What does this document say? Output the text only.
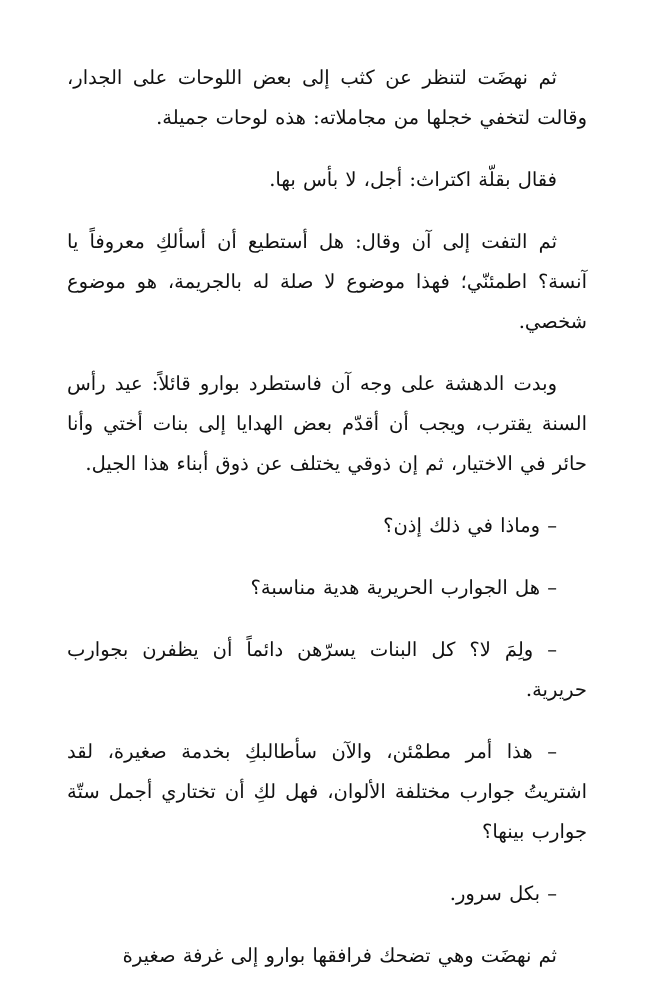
ثم نهضَت لتنظر عن كثب إلى بعض اللوحات على الجدار، وقالت لتخفي خجلها من مجاملاته: هذه لوحات جميلة.

فقال بقلّة اكتراث: أجل، لا بأس بها.

ثم التفت إلى آن وقال: هل أستطيع أن أسألكِ معروفاً يا آنسة؟ اطمئنّي؛ فهذا موضوع لا صلة له بالجريمة، هو موضوع شخصي.

وبدت الدهشة على وجه آن فاستطرد بوارو قائلاً: عيد رأس السنة يقترب، ويجب أن أقدّم بعض الهدايا إلى بنات أختي وأنا حائر في الاختيار، ثم إن ذوقي يختلف عن ذوق أبناء هذا الجيل.

– وماذا في ذلك إذن؟

– هل الجوارب الحريرية هدية مناسبة؟

– ولِمَ لا؟ كل البنات يسرّهن دائماً أن يظفرن بجوارب حريرية.

– هذا أمر مطمْئن، والآن سأطالبكِ بخدمة صغيرة، لقد اشتريتُ جوارب مختلفة الألوان، فهل لكِ أن تختاري أجمل ستّة جوارب بينها؟

– بكل سرور.

ثم نهضَت وهي تضحك فرافقها بوارو إلى غرفة صغيرة
